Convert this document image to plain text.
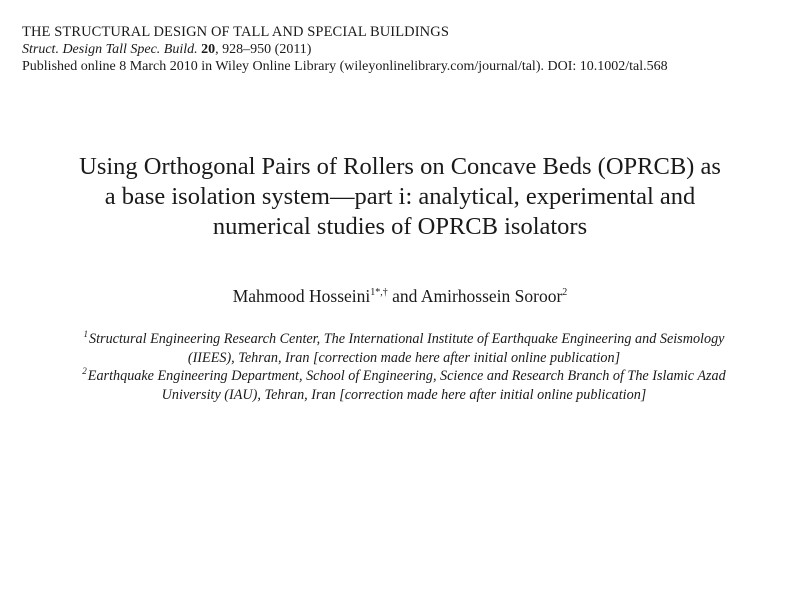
THE STRUCTURAL DESIGN OF TALL AND SPECIAL BUILDINGS
Struct. Design Tall Spec. Build. 20, 928–950 (2011)
Published online 8 March 2010 in Wiley Online Library (wileyonlinelibrary.com/journal/tal). DOI: 10.1002/tal.568
Using Orthogonal Pairs of Rollers on Concave Beds (OPRCB) as
a base isolation system—part i: analytical, experimental and
numerical studies of OPRCB isolators
Mahmood Hosseini$^{1*,\dagger}$ and Amirhossein Soroor$^2$
$^1$Structural Engineering Research Center, The International Institute of Earthquake Engineering and Seismology
(IIEES), Tehran, Iran [correction made here after initial online publication]
$^2$Earthquake Engineering Department, School of Engineering, Science and Research Branch of The Islamic Azad
University (IAU), Tehran, Iran [correction made here after initial online publication]
